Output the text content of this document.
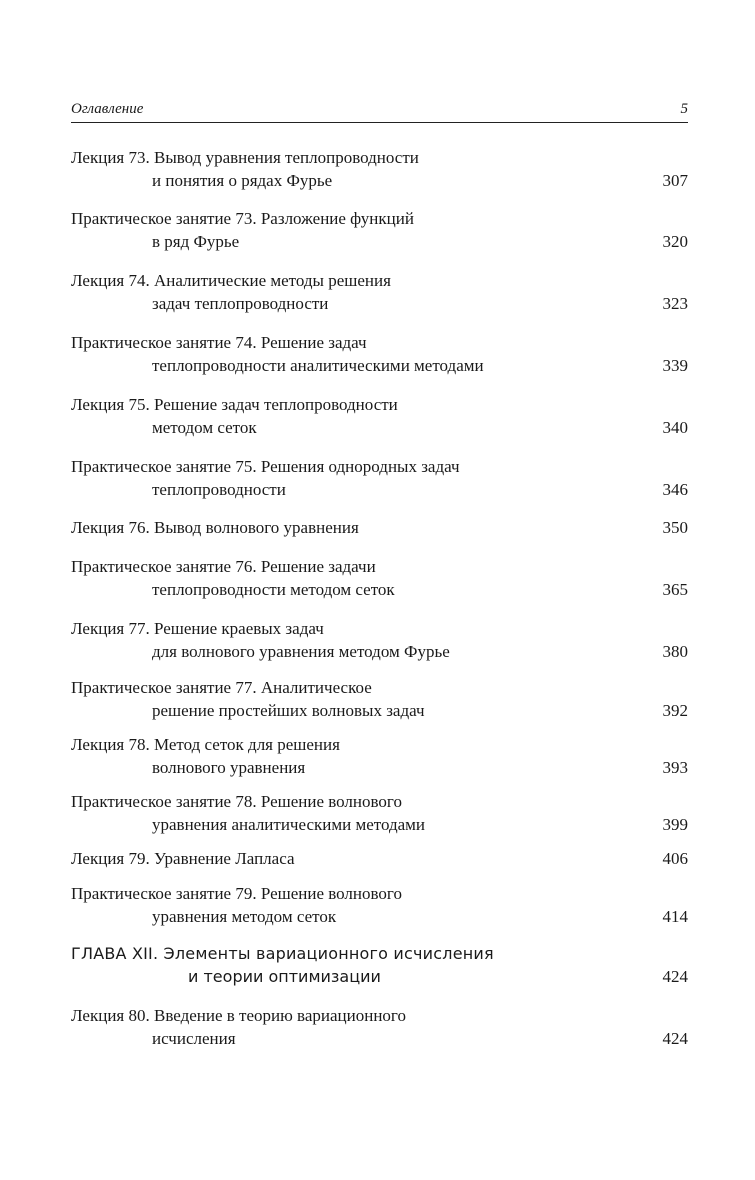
Оглавление	5
Лекция 73. Вывод уравнения теплопроводности
и понятия о рядах Фурье	307
Практическое занятие 73. Разложение функций
в ряд Фурье	320
Лекция 74. Аналитические методы решения
задач теплопроводности	323
Практическое занятие 74. Решение задач
теплопроводности аналитическими методами	339
Лекция 75. Решение задач теплопроводности
методом сеток	340
Практическое занятие 75. Решения однородных задач
теплопроводности	346
Лекция 76. Вывод волнового уравнения	350
Практическое занятие 76. Решение задачи
теплопроводности методом сеток	365
Лекция 77. Решение краевых задач
для волнового уравнения методом Фурье	380
Практическое занятие 77. Аналитическое
решение простейших волновых задач	392
Лекция 78. Метод сеток для решения
волнового уравнения	393
Практическое занятие 78. Решение волнового
уравнения аналитическими методами	399
Лекция 79. Уравнение Лапласа	406
Практическое занятие 79. Решение волнового
уравнения методом сеток	414
ГЛАВА XII. Элементы вариационного исчисления
и теории оптимизации	424
Лекция 80. Введение в теорию вариационного
исчисления	424
